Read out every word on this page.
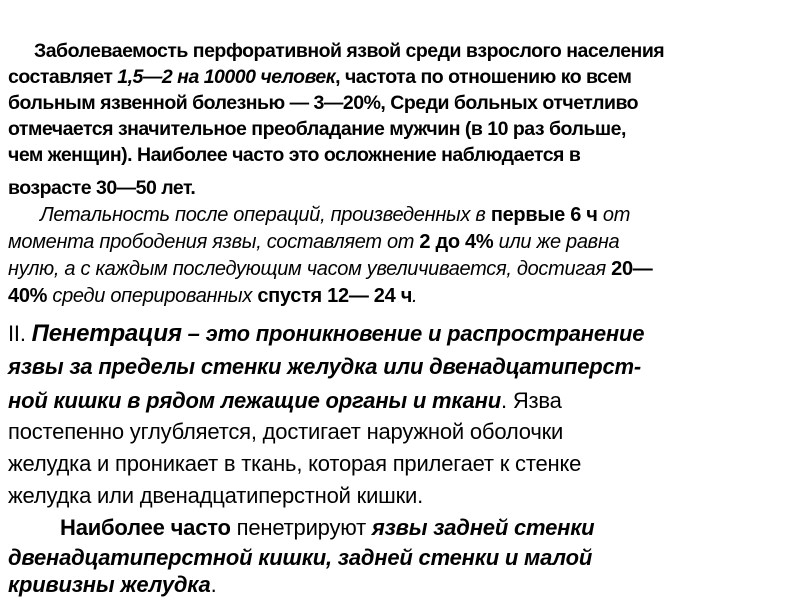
Заболеваемость перфоративной язвой среди взрослого населения

составляет 1,5—2 на 10000 человек, частота по отношению ко всем

больным язвенной болезнью — 3—20%, Среди больных отчетливо

отмечается значительное преобладание мужчин (в 10 раз больше,

чем женщин). Наиболее часто это осложнение наблюдается в

возрасте 30—50 лет.

Летальность после операций, произведенных в первые 6 ч от

момента прободения язвы, составляет от 2 до 4% или же равна

нулю, а с каждым последующим часом увеличивается, достигая 20—

40% среди оперированных спустя 12— 24 ч.

II. Пенетрация – это проникновение и распространение

язвы за пределы стенки желудка или двенадцатиперст-

ной кишки в рядом лежащие органы и ткани. Язва

постепенно углубляется, достигает наружной оболочки

желудка и проникает в ткань, которая прилегает к стенке

желудка или двенадцатиперстной кишки.

Наиболее часто пенетрируют язвы задней стенки

двенадцатиперстной кишки, задней стенки и малой

кривизны желудка.
